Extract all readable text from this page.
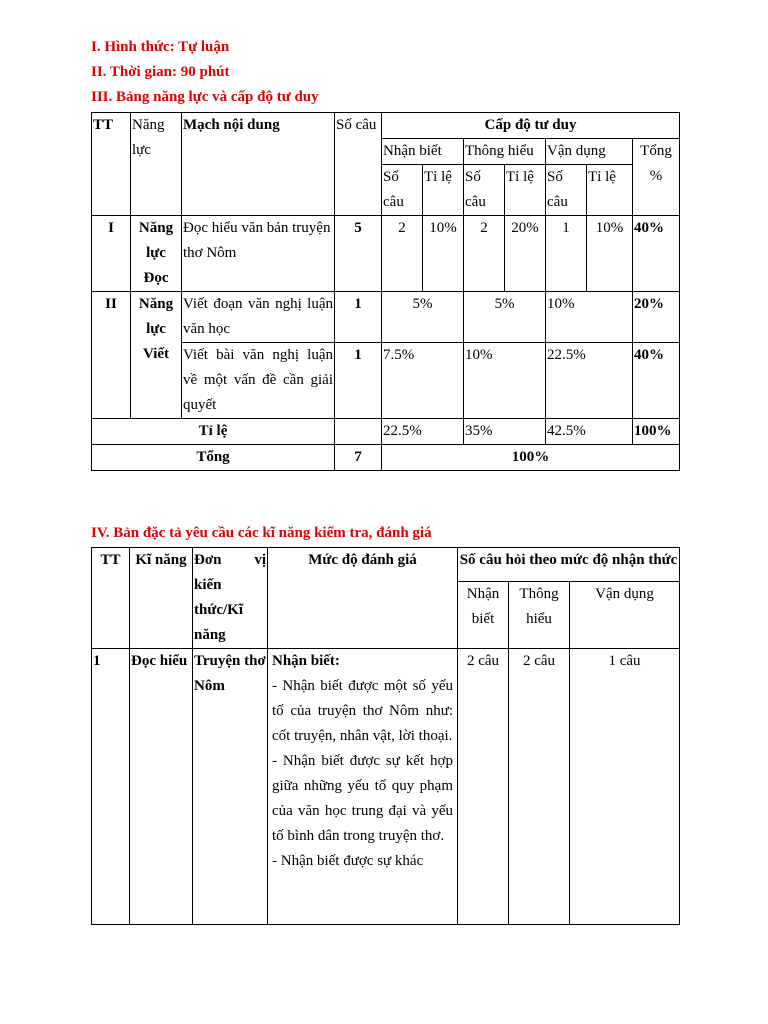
I. Hình thức: Tự luận
II. Thời gian: 90 phút
III. Bảng năng lực và cấp độ tư duy
TT	Năng lực	Mạch nội dung	Số câu	Cấp độ tư duy						
				Nhận biết		Thông hiểu		Vận dụng		Tổng %
				Số câu	Tỉ lệ	Số câu	Tỉ lệ	Số câu	Tỉ lệ	
I	Năng lực Đọc	Đọc hiểu văn bản truyện thơ Nôm	5	2	10%	2	20%	1	10%	40%
II	Năng lực Viết	Viết đoạn văn nghị luận văn học	1	5%		5%		10%		20%
		Viết bài văn nghị luận về một vấn đề cần giải quyết	1	7.5%		10%		22.5%		40%
Tỉ lệ				22.5%		35%		42.5%		100%
Tổng			7	100%						
IV. Bản đặc tả yêu cầu các kĩ năng kiểm tra, đánh giá
TT	Kĩ năng	Đơn vị kiến thức/Kĩ năng	Mức độ đánh giá	Số câu hỏi theo mức độ nhận thức		
				Nhận biết	Thông hiểu	Vận dụng
1	Đọc hiểu	Truyện thơ Nôm	Nhận biết:
- Nhận biết được một số yếu tố của truyện thơ Nôm như: cốt truyện, nhân vật, lời thoại.
- Nhận biết được sự kết hợp giữa những yếu tố quy phạm của văn học trung đại và yếu tố bình dân trong truyện thơ.
- Nhận biết được sự khác	2 câu	2 câu	1 câu
